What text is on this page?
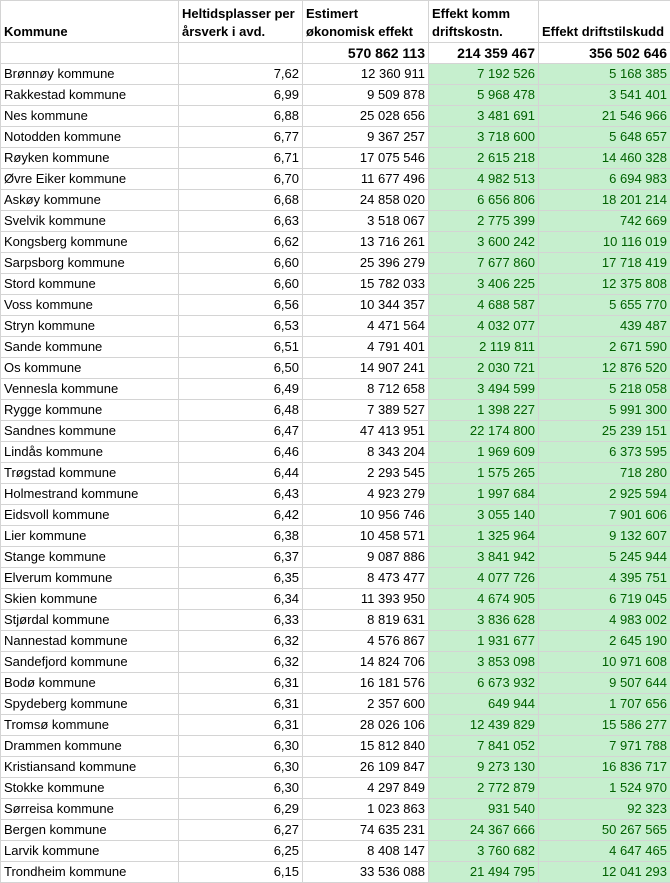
Kommune	Heltidsplasser per årsverk i avd.	Estimert økonomisk effekt	Effekt komm driftskostn.	Effekt driftstilskudd
		570 862 113	214 359 467	356 502 646
Brønnøy kommune	7,62	12 360 911	7 192 526	5 168 385
Rakkestad kommune	6,99	9 509 878	5 968 478	3 541 401
Nes kommune	6,88	25 028 656	3 481 691	21 546 966
Notodden kommune	6,77	9 367 257	3 718 600	5 648 657
Røyken kommune	6,71	17 075 546	2 615 218	14 460 328
Øvre Eiker kommune	6,70	11 677 496	4 982 513	6 694 983
Askøy kommune	6,68	24 858 020	6 656 806	18 201 214
Svelvik kommune	6,63	3 518 067	2 775 399	742 669
Kongsberg kommune	6,62	13 716 261	3 600 242	10 116 019
Sarpsborg kommune	6,60	25 396 279	7 677 860	17 718 419
Stord kommune	6,60	15 782 033	3 406 225	12 375 808
Voss kommune	6,56	10 344 357	4 688 587	5 655 770
Stryn kommune	6,53	4 471 564	4 032 077	439 487
Sande kommune	6,51	4 791 401	2 119 811	2 671 590
Os kommune	6,50	14 907 241	2 030 721	12 876 520
Vennesla kommune	6,49	8 712 658	3 494 599	5 218 058
Rygge kommune	6,48	7 389 527	1 398 227	5 991 300
Sandnes kommune	6,47	47 413 951	22 174 800	25 239 151
Lindås kommune	6,46	8 343 204	1 969 609	6 373 595
Trøgstad kommune	6,44	2 293 545	1 575 265	718 280
Holmestrand kommune	6,43	4 923 279	1 997 684	2 925 594
Eidsvoll kommune	6,42	10 956 746	3 055 140	7 901 606
Lier kommune	6,38	10 458 571	1 325 964	9 132 607
Stange kommune	6,37	9 087 886	3 841 942	5 245 944
Elverum kommune	6,35	8 473 477	4 077 726	4 395 751
Skien kommune	6,34	11 393 950	4 674 905	6 719 045
Stjørdal kommune	6,33	8 819 631	3 836 628	4 983 002
Nannestad kommune	6,32	4 576 867	1 931 677	2 645 190
Sandefjord kommune	6,32	14 824 706	3 853 098	10 971 608
Bodø kommune	6,31	16 181 576	6 673 932	9 507 644
Spydeberg kommune	6,31	2 357 600	649 944	1 707 656
Tromsø kommune	6,31	28 026 106	12 439 829	15 586 277
Drammen kommune	6,30	15 812 840	7 841 052	7 971 788
Kristiansand kommune	6,30	26 109 847	9 273 130	16 836 717
Stokke kommune	6,30	4 297 849	2 772 879	1 524 970
Sørreisa kommune	6,29	1 023 863	931 540	92 323
Bergen kommune	6,27	74 635 231	24 367 666	50 267 565
Larvik kommune	6,25	8 408 147	3 760 682	4 647 465
Trondheim kommune	6,15	33 536 088	21 494 795	12 041 293
